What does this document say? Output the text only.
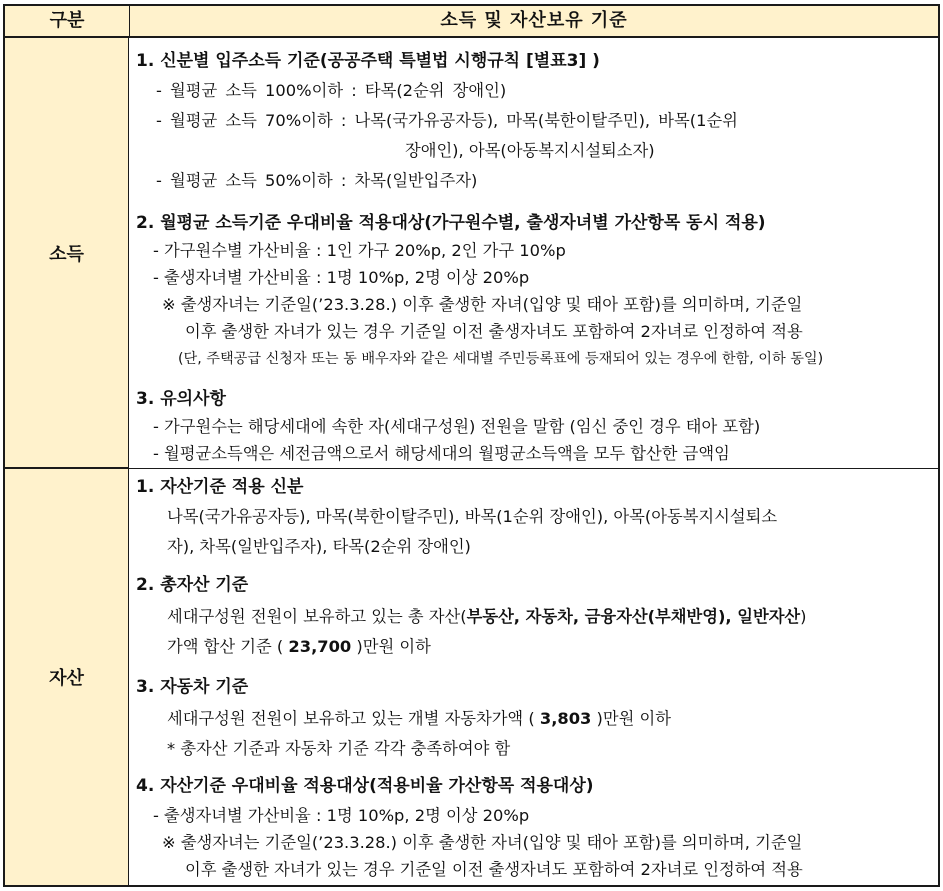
구분	소득 및 자산보유 기준
소득
자산
1. 신분별 입주소득 기준(공공주택 특별법 시행규칙 [별표3] )
- 월평균 소득 100%이하 : 타목(2순위 장애인)
- 월평균 소득 70%이하 : 나목(국가유공자등), 마목(북한이탈주민), 바목(1순위
장애인), 아목(아동복지시설퇴소자)
- 월평균 소득 50%이하 : 차목(일반입주자)
2. 월평균 소득기준 우대비율 적용대상(가구원수별, 출생자녀별 가산항목 동시 적용)
- 가구원수별 가산비율 : 1인 가구 20%p, 2인 가구 10%p
- 출생자녀별 가산비율 : 1명 10%p, 2명 이상 20%p
※ 출생자녀는 기준일(’23.3.28.) 이후 출생한 자녀(입양 및 태아 포함)를 의미하며, 기준일
이후 출생한 자녀가 있는 경우 기준일 이전 출생자녀도 포함하여 2자녀로 인정하여 적용
(단, 주택공급 신청자 또는 동 배우자와 같은 세대별 주민등록표에 등재되어 있는 경우에 한함, 이하 동일)
3. 유의사항
- 가구원수는 해당세대에 속한 자(세대구성원) 전원을 말함 (임신 중인 경우 태아 포함)
- 월평균소득액은 세전금액으로서 해당세대의 월평균소득액을 모두 합산한 금액임
1. 자산기준 적용 신분
나목(국가유공자등), 마목(북한이탈주민), 바목(1순위 장애인), 아목(아동복지시설퇴소
자), 차목(일반입주자), 타목(2순위 장애인)
2. 총자산 기준
세대구성원 전원이 보유하고 있는 총 자산(부동산, 자동차, 금융자산(부채반영), 일반자산)
가액 합산 기준 ( 23,700 )만원 이하
3. 자동차 기준
세대구성원 전원이 보유하고 있는 개별 자동차가액 ( 3,803 )만원 이하
* 총자산 기준과 자동차 기준 각각 충족하여야 함
4. 자산기준 우대비율 적용대상(적용비율 가산항목 적용대상)
- 출생자녀별 가산비율 : 1명 10%p, 2명 이상 20%p
※ 출생자녀는 기준일(’23.3.28.) 이후 출생한 자녀(입양 및 태아 포함)를 의미하며, 기준일
이후 출생한 자녀가 있는 경우 기준일 이전 출생자녀도 포함하여 2자녀로 인정하여 적용
